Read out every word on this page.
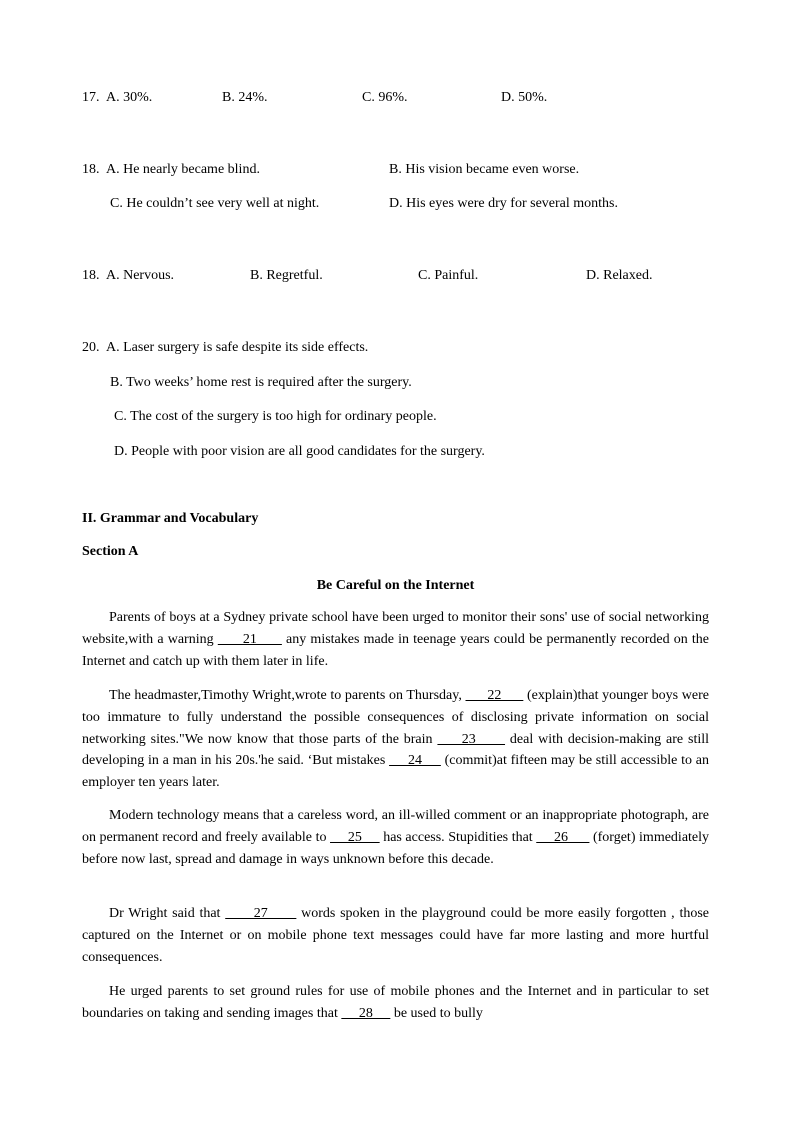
17. A. 30%.	B. 24%.	C. 96%.	D. 50%.
18. A. He nearly became blind.	B. His vision became even worse.
C. He couldn’t see very well at night.	D. His eyes were dry for several months.
18. A. Nervous.	B. Regretful.	C. Painful.	D. Relaxed.
20. A. Laser surgery is safe despite its side effects.
B. Two weeks’ home rest is required after the surgery.
C. The cost of the surgery is too high for ordinary people.
D. People with poor vision are all good candidates for the surgery.
II. Grammar and Vocabulary
Section A
Be Careful on the Internet

Parents of boys at a Sydney private school have been urged to monitor their sons' use of social networking website,with a warning       21       any mistakes made in teenage years could be permanently recorded on the Internet and catch up with them later in life.

The headmaster,Timothy Wright,wrote to parents on Thursday,       22       (explain)that younger boys were too immature to fully understand the possible consequences of disclosing private information on social networking sites."We now know that those parts of the brain      23       deal with decision-making are still developing in a man in his 20s.'he said. ‘But mistakes      24      (commit)at fifteen may be still accessible to an employer ten years later.

Modern technology means that a careless word, an ill-willed comment or an inappropriate photograph, are on permanent record and freely available to      25      has access. Stupidities that      26       (forget) immediately before now last, spread and damage in ways unknown before this decade.

Dr Wright said that       27       words spoken in the playground could be more easily forgotten , those captured on the Internet or on mobile phone text messages could have far more lasting and more hurtful consequences.

He urged parents to set ground rules for use of mobile phones and the Internet and in particular to set boundaries on taking and sending images that      28      be used to bully
